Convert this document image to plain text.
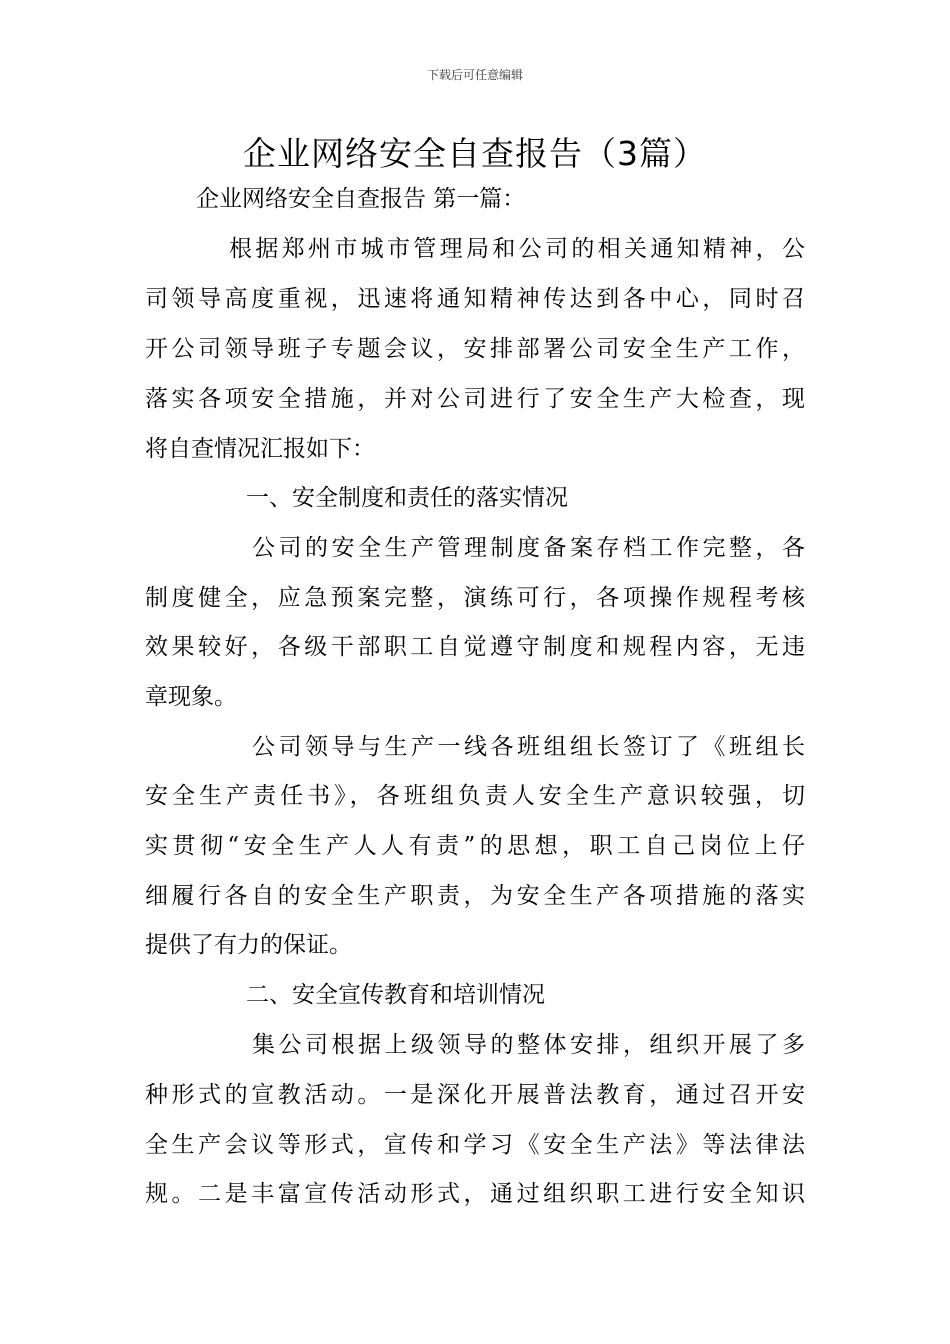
下载后可任意编辑
企业网络安全自查报告（3篇）
企业网络安全自查报告 第一篇：
根据郑州市城市管理局和公司的相关通知精神，公
司领导高度重视，迅速将通知精神传达到各中心，同时召
开公司领导班子专题会议，安排部署公司安全生产工作，
落实各项安全措施，并对公司进行了安全生产大检查，现
将自查情况汇报如下：
一、安全制度和责任的落实情况
公司的安全生产管理制度备案存档工作完整，各
制度健全，应急预案完整，演练可行，各项操作规程考核
效果较好，各级干部职工自觉遵守制度和规程内容，无违
章现象。
公司领导与生产一线各班组组长签订了《班组长
安全生产责任书》，各班组负责人安全生产意识较强，切
实贯彻“安全生产人人有责”的思想，职工自己岗位上仔
细履行各自的安全生产职责，为安全生产各项措施的落实
提供了有力的保证。
二、安全宣传教育和培训情况
集公司根据上级领导的整体安排，组织开展了多
种形式的宣教活动。一是深化开展普法教育，通过召开安
全生产会议等形式，宣传和学习《安全生产法》等法律法
规。二是丰富宣传活动形式，通过组织职工进行安全知识
